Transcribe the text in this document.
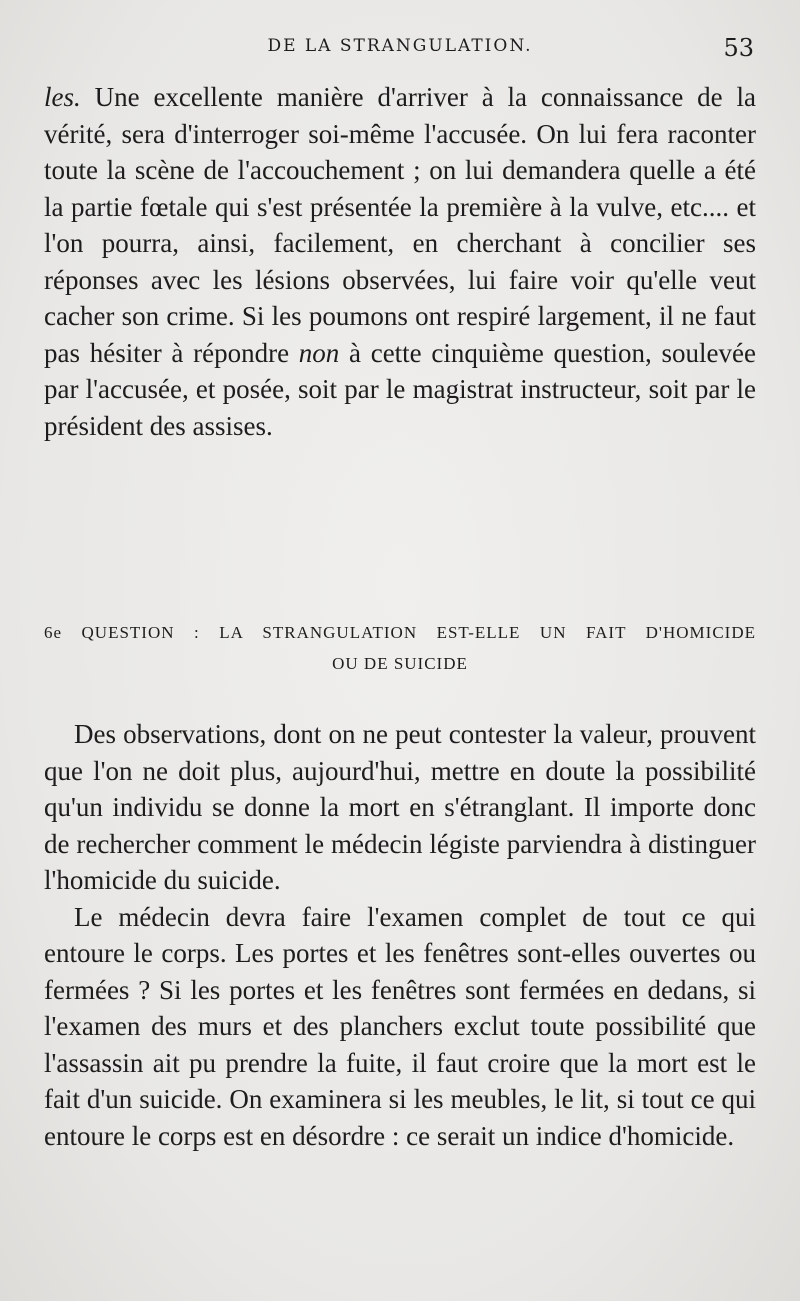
DE LA STRANGULATION.	53

les. Une excellente manière d'arriver à la connaissance de la vérité, sera d'interroger soi-même l'accusée. On lui fera raconter toute la scène de l'accouchement ; on lui demandera quelle a été la partie fœtale qui s'est présentée la première à la vulve, etc.... et l'on pourra, ainsi, facilement, en cherchant à concilier ses réponses avec les lésions observées, lui faire voir qu'elle veut cacher son crime. Si les poumons ont respiré largement, il ne faut pas hésiter à répondre non à cette cinquième question, soulevée par l'accusée, et posée, soit par le magistrat instructeur, soit par le président des assises.

6e QUESTION : LA STRANGULATION EST-ELLE UN FAIT D'HOMICIDE
OU DE SUICIDE

Des observations, dont on ne peut contester la valeur, prouvent que l'on ne doit plus, aujourd'hui, mettre en doute la possibilité qu'un individu se donne la mort en s'étranglant. Il importe donc de rechercher comment le médecin légiste parviendra à distinguer l'homicide du suicide.

Le médecin devra faire l'examen complet de tout ce qui entoure le corps. Les portes et les fenêtres sont-elles ouvertes ou fermées ? Si les portes et les fenêtres sont fermées en dedans, si l'examen des murs et des planchers exclut toute possibilité que l'assassin ait pu prendre la fuite, il faut croire que la mort est le fait d'un suicide. On examinera si les meubles, le lit, si tout ce qui entoure le corps est en désordre : ce serait un indice d'homicide.
